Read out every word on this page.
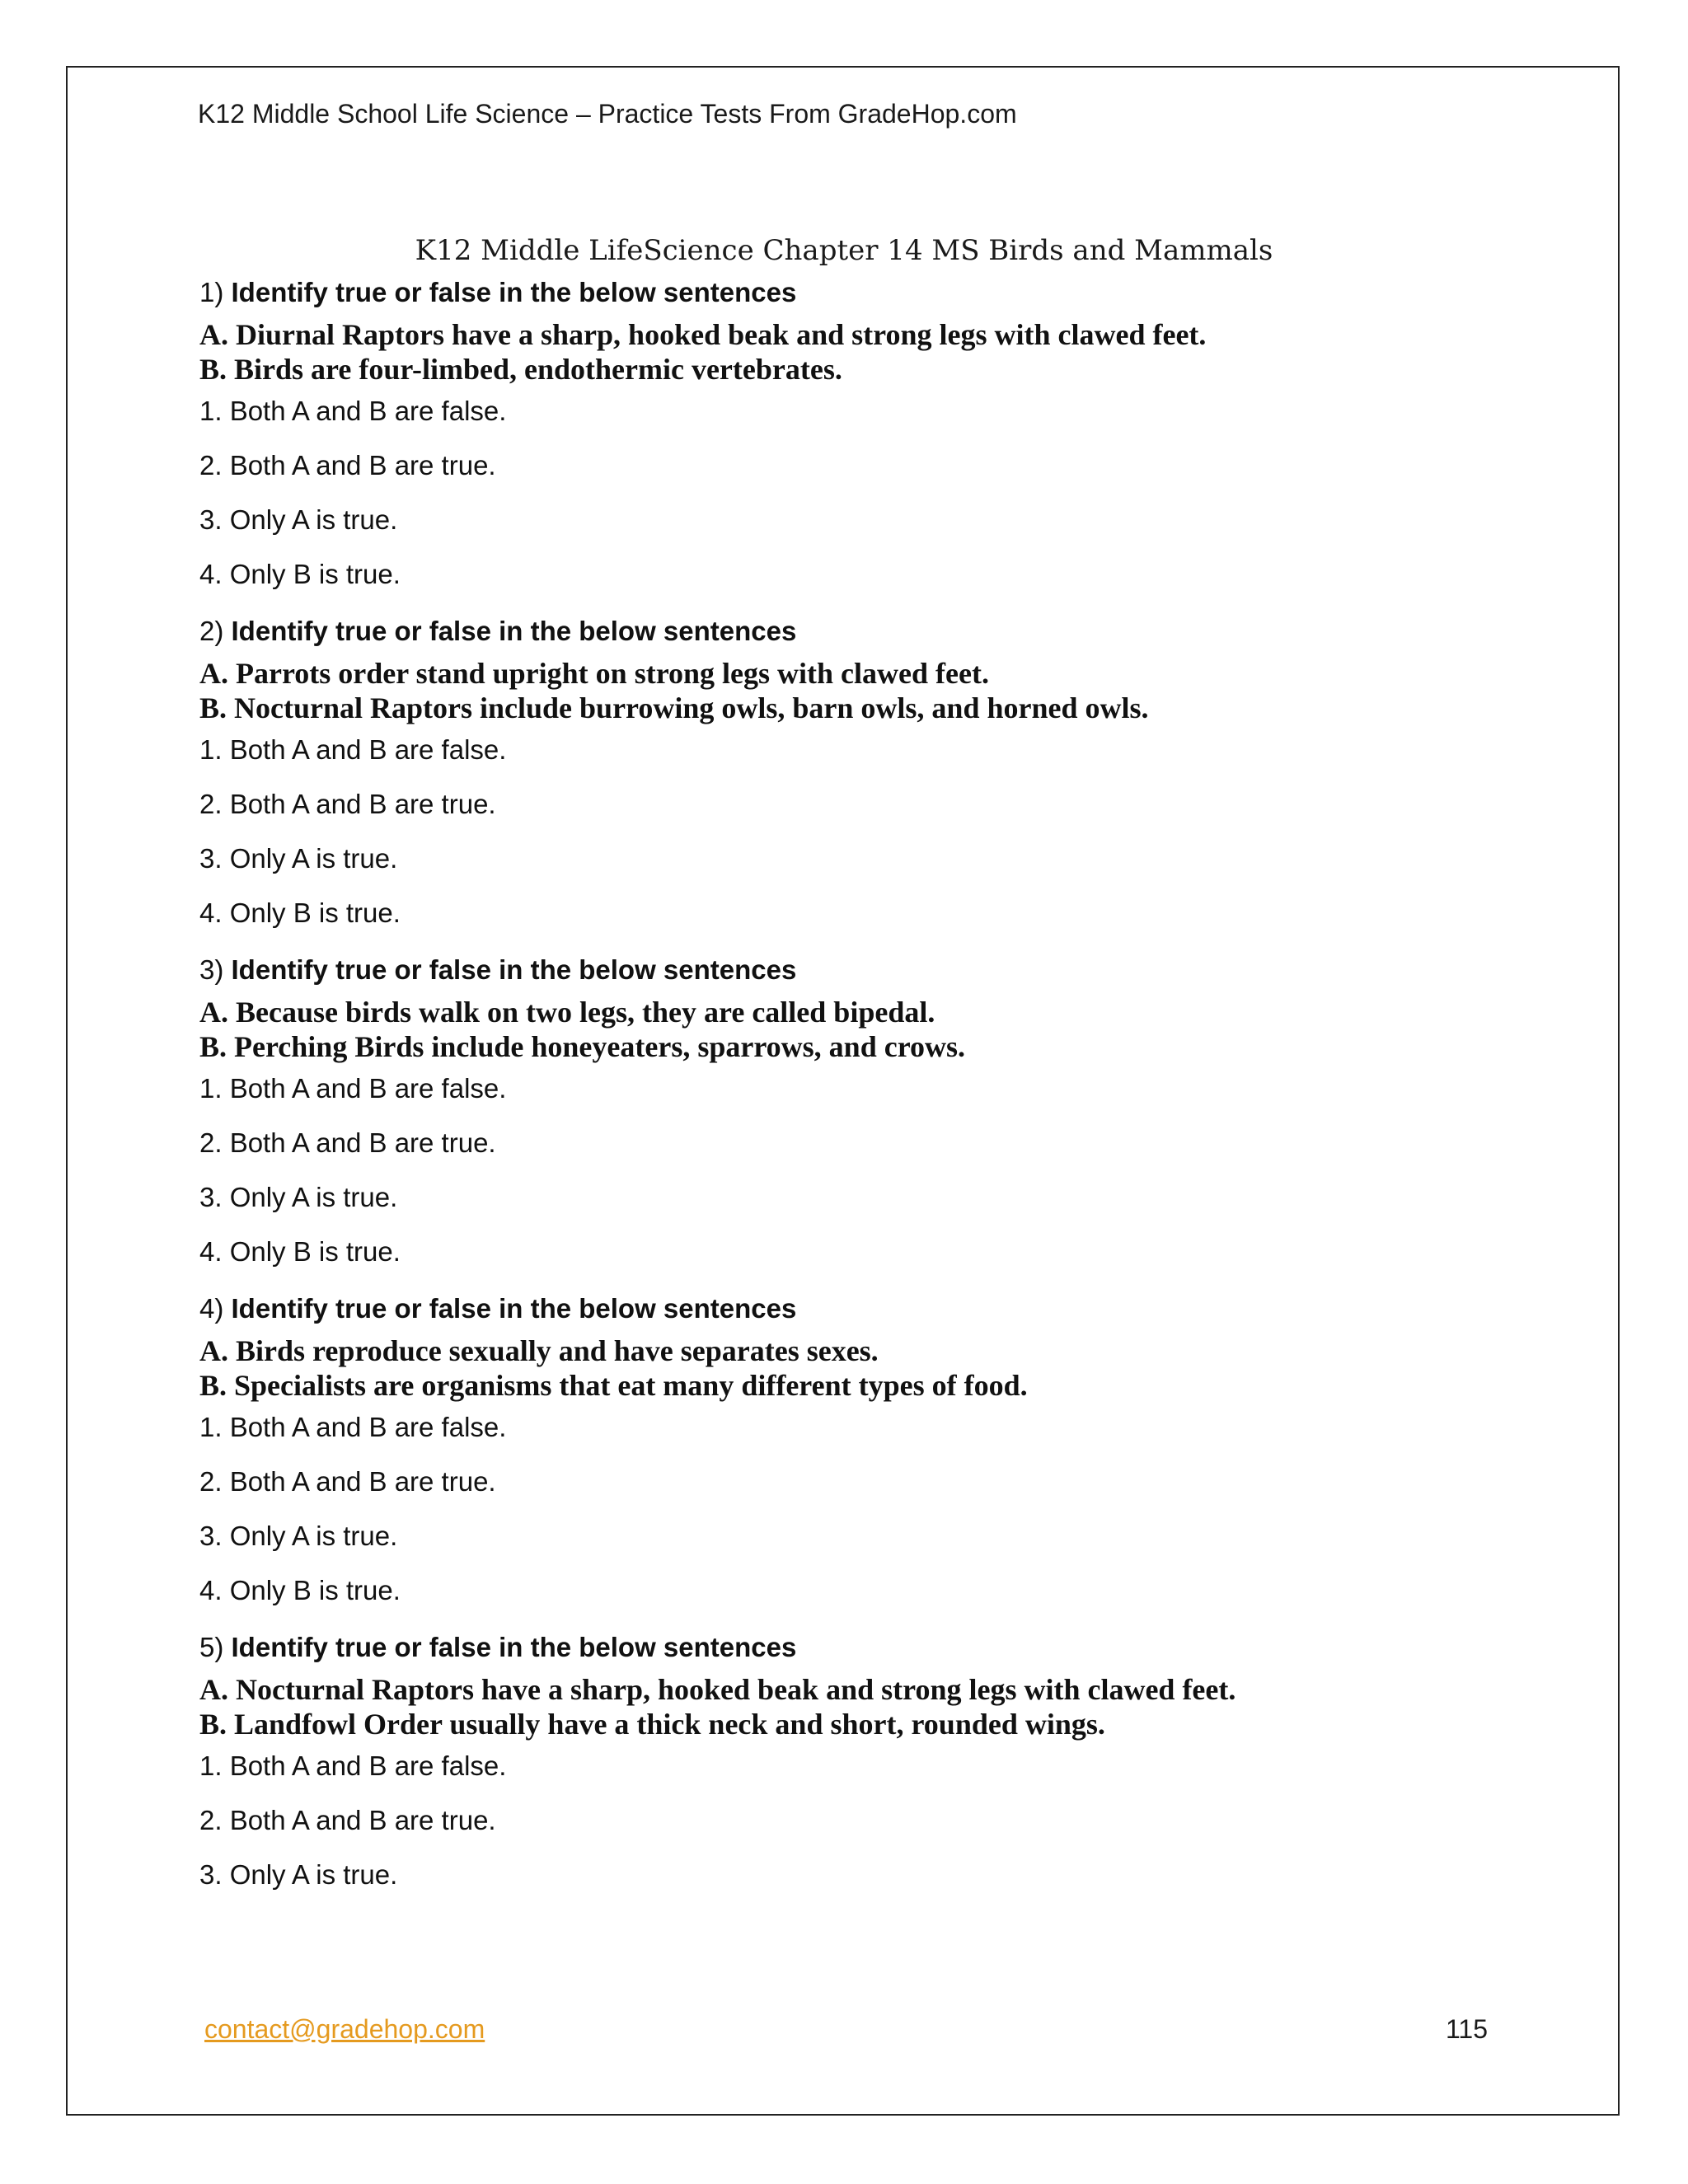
K12 Middle School Life Science – Practice Tests From GradeHop.com
K12 Middle LifeScience Chapter 14 MS Birds and Mammals
1) Identify true or false in the below sentences
A. Diurnal Raptors have a sharp, hooked beak and strong legs with clawed feet.
B. Birds are four-limbed, endothermic vertebrates.
1. Both A and B are false.
2. Both A and B are true.
3. Only A is true.
4. Only B is true.
2) Identify true or false in the below sentences
A. Parrots order stand upright on strong legs with clawed feet.
B. Nocturnal Raptors include burrowing owls, barn owls, and horned owls.
1. Both A and B are false.
2. Both A and B are true.
3. Only A is true.
4. Only B is true.
3) Identify true or false in the below sentences
A. Because birds walk on two legs, they are called bipedal.
B. Perching Birds include honeyeaters, sparrows, and crows.
1. Both A and B are false.
2. Both A and B are true.
3. Only A is true.
4. Only B is true.
4) Identify true or false in the below sentences
A. Birds reproduce sexually and have separates sexes.
B. Specialists are organisms that eat many different types of food.
1. Both A and B are false.
2. Both A and B are true.
3. Only A is true.
4. Only B is true.
5) Identify true or false in the below sentences
A. Nocturnal Raptors have a sharp, hooked beak and strong legs with clawed feet.
B. Landfowl Order usually have a thick neck and short, rounded wings.
1. Both A and B are false.
2. Both A and B are true.
3. Only A is true.
contact@gradehop.com	115
